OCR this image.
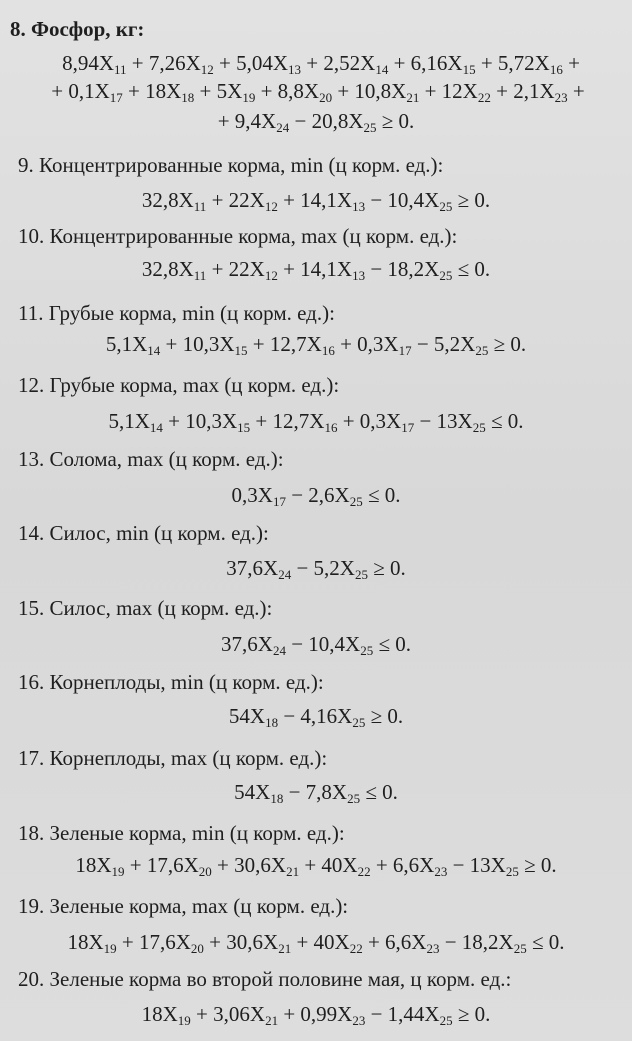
8. Фосфор, кг:
$8,94X_{11} + 7,26X_{12} + 5,04X_{13} + 2,52X_{14} + 6,16X_{15} + 5,72X_{16}$ +
+ $0,1X_{17} + 18X_{18} + 5X_{19} + 8,8X_{20} + 10,8X_{21} + 12X_{22} + 2,1X_{23}$ +
+ $9,4X_{24} - 20,8X_{25} \ge 0$.
9. Концентрированные корма, min (ц корм. ед.):
$32,8X_{11} + 22X_{12} + 14,1X_{13} - 10,4X_{25} \ge 0$.
10. Концентрированные корма, max (ц корм. ед.):
$32,8X_{11} + 22X_{12} + 14,1X_{13} - 18,2X_{25} \le 0$.
11. Грубые корма, min (ц корм. ед.):
$5,1X_{14} + 10,3X_{15} + 12,7X_{16} + 0,3X_{17} - 5,2X_{25} \ge 0$.
12. Грубые корма, max (ц корм. ед.):
$5,1X_{14} + 10,3X_{15} + 12,7X_{16} + 0,3X_{17} - 13X_{25} \le 0$.
13. Солома, max (ц корм. ед.):
$0,3X_{17} - 2,6X_{25} \le 0$.
14. Силос, min (ц корм. ед.):
$37,6X_{24} - 5,2X_{25} \ge 0$.
15. Силос, max (ц корм. ед.):
$37,6X_{24} - 10,4X_{25} \le 0$.
16. Корнеплоды, min (ц корм. ед.):
$54X_{18} - 4,16X_{25} \ge 0$.
17. Корнеплоды, max (ц корм. ед.):
$54X_{18} - 7,8X_{25} \le 0$.
18. Зеленые корма, min (ц корм. ед.):
$18X_{19} + 17,6X_{20} + 30,6X_{21} + 40X_{22} + 6,6X_{23} - 13X_{25} \ge 0$.
19. Зеленые корма, max (ц корм. ед.):
$18X_{19} + 17,6X_{20} + 30,6X_{21} + 40X_{22} + 6,6X_{23} - 18,2X_{25} \le 0$.
20. Зеленые корма во второй половине мая, ц корм. ед.:
$18X_{19} + 3,06X_{21} + 0,99X_{23} - 1,44X_{25} \ge 0$.
